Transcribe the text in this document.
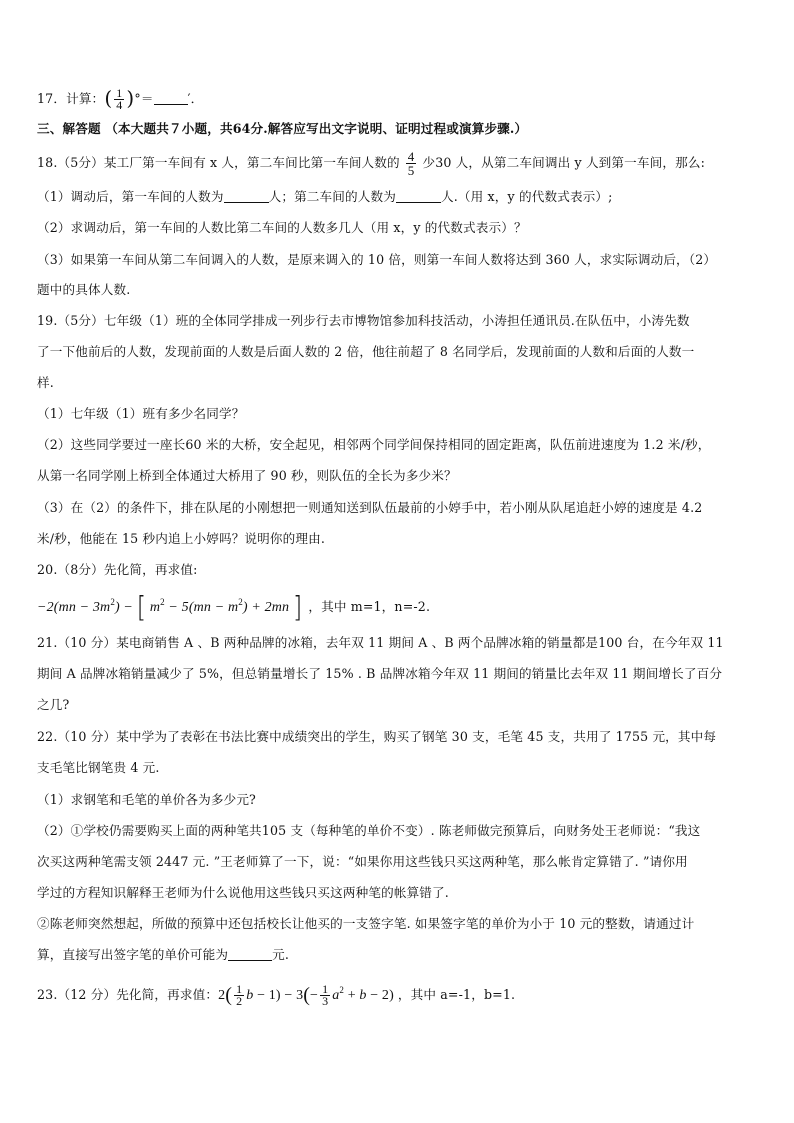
17．计算：( $\frac{1}{4}$ )°＝	′．
三、解答题 （本大题共７小题，共64分.解答应写出文字说明、证明过程或演算步骤.）
18.（5分）某工厂第一车间有 x 人，第二车间比第一车间人数的 $\frac{4}{5}$ 少30 人，从第二车间调出 y 人到第一车间，那么:
（1）调动后，第一车间的人数为	人；第二车间的人数为	人.（用 x，y 的代数式表示）;
（2）求调动后，第一车间的人数比第二车间的人数多几人（用 x，y 的代数式表示）？
（3）如果第一车间从第二车间调入的人数，是原来调入的 10 倍，则第一车间人数将达到 360 人，求实际调动后，（2）
题中的具体人数.
19.（5分）七年级（1）班的全体同学排成一列步行去市博物馆参加科技活动，小涛担任通讯员.在队伍中，小涛先数
了一下他前后的人数，发现前面的人数是后面人数的 2 倍，他往前超了 8 名同学后，发现前面的人数和后面的人数一
样.
（1）七年级（1）班有多少名同学？
（2）这些同学要过一座长60 米的大桥，安全起见，相邻两个同学间保持相同的固定距离，队伍前进速度为 1.2 米/秒，
从第一名同学刚上桥到全体通过大桥用了 90 秒，则队伍的全长为多少米？
（3）在（2）的条件下，排在队尾的小刚想把一则通知送到队伍最前的小婷手中，若小刚从队尾追赶小婷的速度是 4.2
米/秒，他能在 15 秒内追上小婷吗？说明你的理由.
20.（8分）先化简，再求值:
$-2(mn - 3m^2)$ − [ $m^2 - 5(mn - m^2) + 2mn$ ] ，其中 m=1，n=-2.
21.（10 分）某电商销售 A 、B 两种品牌的冰箱，去年双 11 期间 A 、B 两个品牌冰箱的销量都是100 台，在今年双 11
期间 A 品牌冰箱销量减少了 5%，但总销量增长了 15% . B 品牌冰箱今年双 11 期间的销量比去年双 11 期间增长了百分
之几?
22.（10 分）某中学为了表彰在书法比赛中成绩突出的学生，购买了钢笔 30 支，毛笔 45 支，共用了 1755 元，其中每
支毛笔比钢笔贵 4 元.
（1）求钢笔和毛笔的单价各为多少元?
（2）①学校仍需要购买上面的两种笔共105 支（每种笔的单价不变）. 陈老师做完预算后，向财务处王老师说：“我这
次买这两种笔需支领 2447 元. ”王老师算了一下，说：“如果你用这些钱只买这两种笔，那么帐肯定算错了. ”请你用
学过的方程知识解释王老师为什么说他用这些钱只买这两种笔的帐算错了.
②陈老师突然想起，所做的预算中还包括校长让他买的一支签字笔. 如果签字笔的单价为小于 10 元的整数，请通过计
算，直接写出签字笔的单价可能为	元.
23.（12 分）先化简，再求值：$2( \frac{1}{2}$ $b - 1) - 3(- \frac{1}{3} a^2 + b - 2)$ ，其中 a=-1，b=1.
